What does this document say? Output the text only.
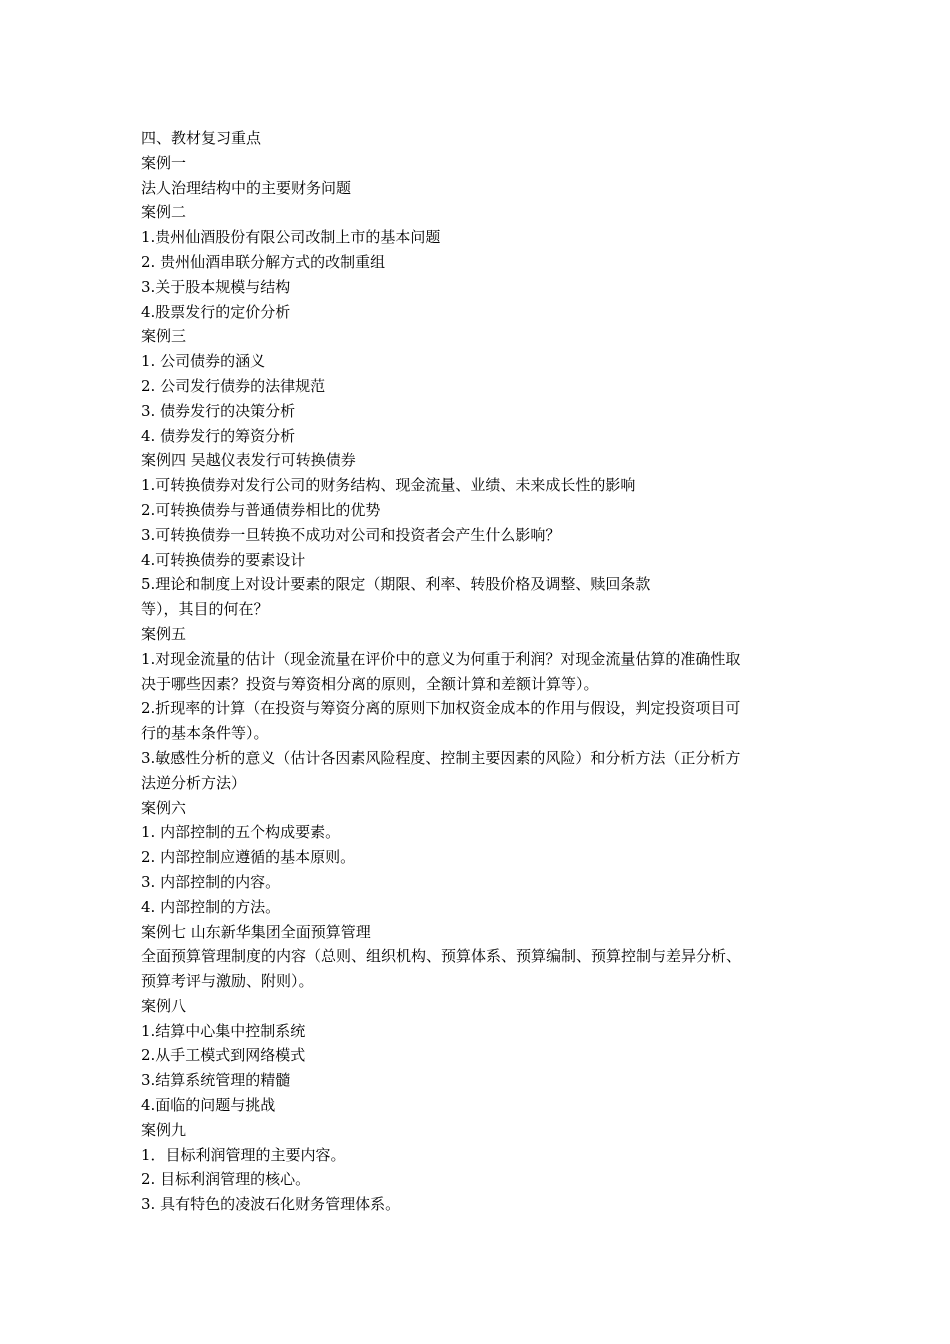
四、教材复习重点
案例一
法人治理结构中的主要财务问题
案例二
1.贵州仙酒股份有限公司改制上市的基本问题
2. 贵州仙酒串联分解方式的改制重组
3.关于股本规模与结构
4.股票发行的定价分析
案例三
1. 公司债券的涵义
2. 公司发行债券的法律规范
3. 债券发行的决策分析
4. 债券发行的筹资分析
案例四 吴越仪表发行可转换债券
1.可转换债券对发行公司的财务结构、现金流量、业绩、未来成长性的影响
2.可转换债券与普通债券相比的优势
3.可转换债券一旦转换不成功对公司和投资者会产生什么影响？
4.可转换债券的要素设计
5.理论和制度上对设计要素的限定（期限、利率、转股价格及调整、赎回条款
等），其目的何在？
案例五
1.对现金流量的估计（现金流量在评价中的意义为何重于利润？对现金流量估算的准确性取
决于哪些因素？投资与筹资相分离的原则，全额计算和差额计算等）。
2.折现率的计算（在投资与筹资分离的原则下加权资金成本的作用与假设，判定投资项目可
行的基本条件等）。
3.敏感性分析的意义（估计各因素风险程度、控制主要因素的风险）和分析方法（正分析方
法逆分析方法）
案例六
1. 内部控制的五个构成要素。
2. 内部控制应遵循的基本原则。
3. 内部控制的内容。
4. 内部控制的方法。
案例七 山东新华集团全面预算管理
全面预算管理制度的内容（总则、组织机构、预算体系、预算编制、预算控制与差异分析、
预算考评与激励、附则）。
案例八
1.结算中心集中控制系统
2.从手工模式到网络模式
3.结算系统管理的精髓
4.面临的问题与挑战
案例九
1．目标利润管理的主要内容。
2. 目标利润管理的核心。
3. 具有特色的凌波石化财务管理体系。
